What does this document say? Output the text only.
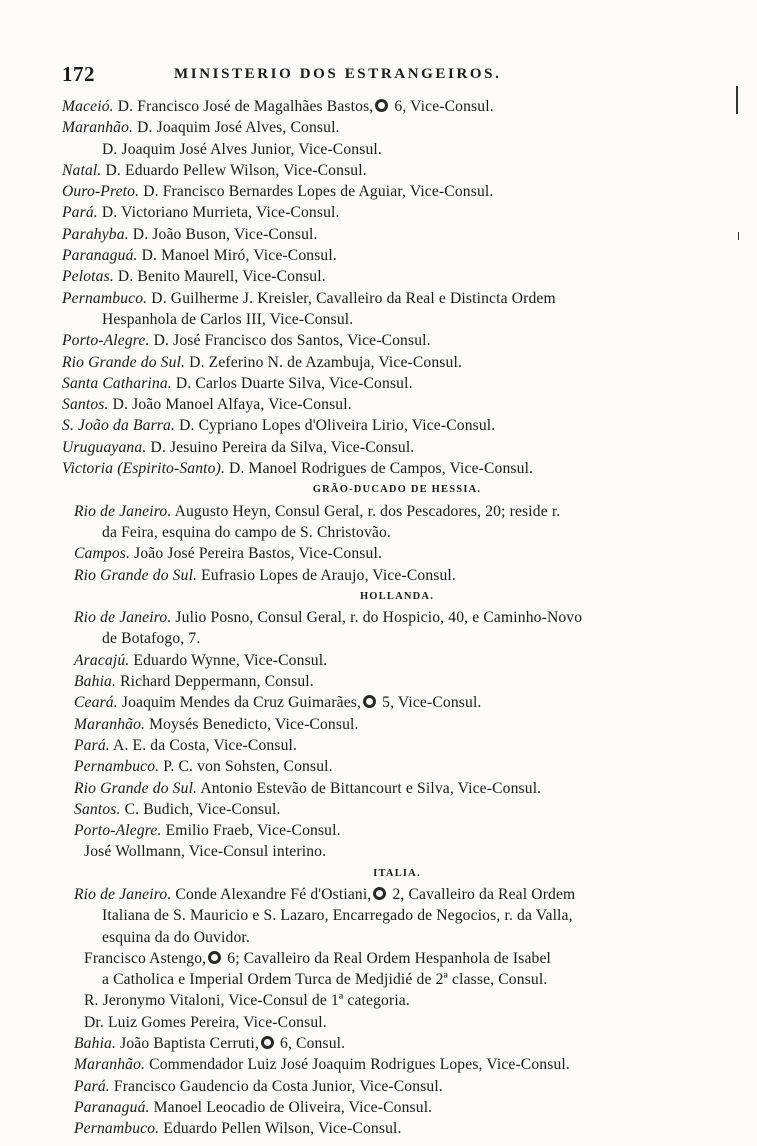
172	MINISTERIO DOS ESTRANGEIROS.
Maceió. D. Francisco José de Magalhães Bastos, 6, Vice-Consul.
Maranhão. D. Joaquim José Alves, Consul.
D. Joaquim José Alves Junior, Vice-Consul.
Natal. D. Eduardo Pellew Wilson, Vice-Consul.
Ouro-Preto. D. Francisco Bernardes Lopes de Aguiar, Vice-Consul.
Pará. D. Victoriano Murrieta, Vice-Consul.
Parahyba. D. João Buson, Vice-Consul.
Paranaguá. D. Manoel Miró, Vice-Consul.
Pelotas. D. Benito Maurell, Vice-Consul.
Pernambuco. D. Guilherme J. Kreisler, Cavalleiro da Real e Distincta Ordem
Hespanhola de Carlos III, Vice-Consul.
Porto-Alegre. D. José Francisco dos Santos, Vice-Consul.
Rio Grande do Sul. D. Zeferino N. de Azambuja, Vice-Consul.
Santa Catharina. D. Carlos Duarte Silva, Vice-Consul.
Santos. D. João Manoel Alfaya, Vice-Consul.
S. João da Barra. D. Cypriano Lopes d'Oliveira Lirio, Vice-Consul.
Uruguayana. D. Jesuino Pereira da Silva, Vice-Consul.
Victoria (Espirito-Santo). D. Manoel Rodrigues de Campos, Vice-Consul.
GRÃO-DUCADO DE HESSIA.
Rio de Janeiro. Augusto Heyn, Consul Geral, r. dos Pescadores, 20; reside r.
da Feira, esquina do campo de S. Christovão.
Campos. João José Pereira Bastos, Vice-Consul.
Rio Grande do Sul. Eufrasio Lopes de Araujo, Vice-Consul.
HOLLANDA.
Rio de Janeiro. Julio Posno, Consul Geral, r. do Hospicio, 40, e Caminho-Novo
de Botafogo, 7.
Aracajú. Eduardo Wynne, Vice-Consul.
Bahia. Richard Deppermann, Consul.
Ceará. Joaquim Mendes da Cruz Guimarães, 5, Vice-Consul.
Maranhão. Moysés Benedicto, Vice-Consul.
Pará. A. E. da Costa, Vice-Consul.
Pernambuco. P. C. von Sohsten, Consul.
Rio Grande do Sul. Antonio Estevão de Bittancourt e Silva, Vice-Consul.
Santos. C. Budich, Vice-Consul.
Porto-Alegre. Emilio Fraeb, Vice-Consul.
José Wollmann, Vice-Consul interino.
ITALIA.
Rio de Janeiro. Conde Alexandre Fé d'Ostiani, 2, Cavalleiro da Real Ordem
Italiana de S. Mauricio e S. Lazaro, Encarregado de Negocios, r. da Valla,
esquina da do Ouvidor.
Francisco Astengo, 6; Cavalleiro da Real Ordem Hespanhola de Isabel
a Catholica e Imperial Ordem Turca de Medjidié de 2ª classe, Consul.
R. Jeronymo Vitaloni, Vice-Consul de 1ª categoria.
Dr. Luiz Gomes Pereira, Vice-Consul.
Bahia. João Baptista Cerruti, 6, Consul.
Maranhão. Commendador Luiz José Joaquim Rodrigues Lopes, Vice-Consul.
Pará. Francisco Gaudencio da Costa Junior, Vice-Consul.
Paranaguá. Manoel Leocadio de Oliveira, Vice-Consul.
Pernambuco. Eduardo Pellen Wilson, Vice-Consul.
